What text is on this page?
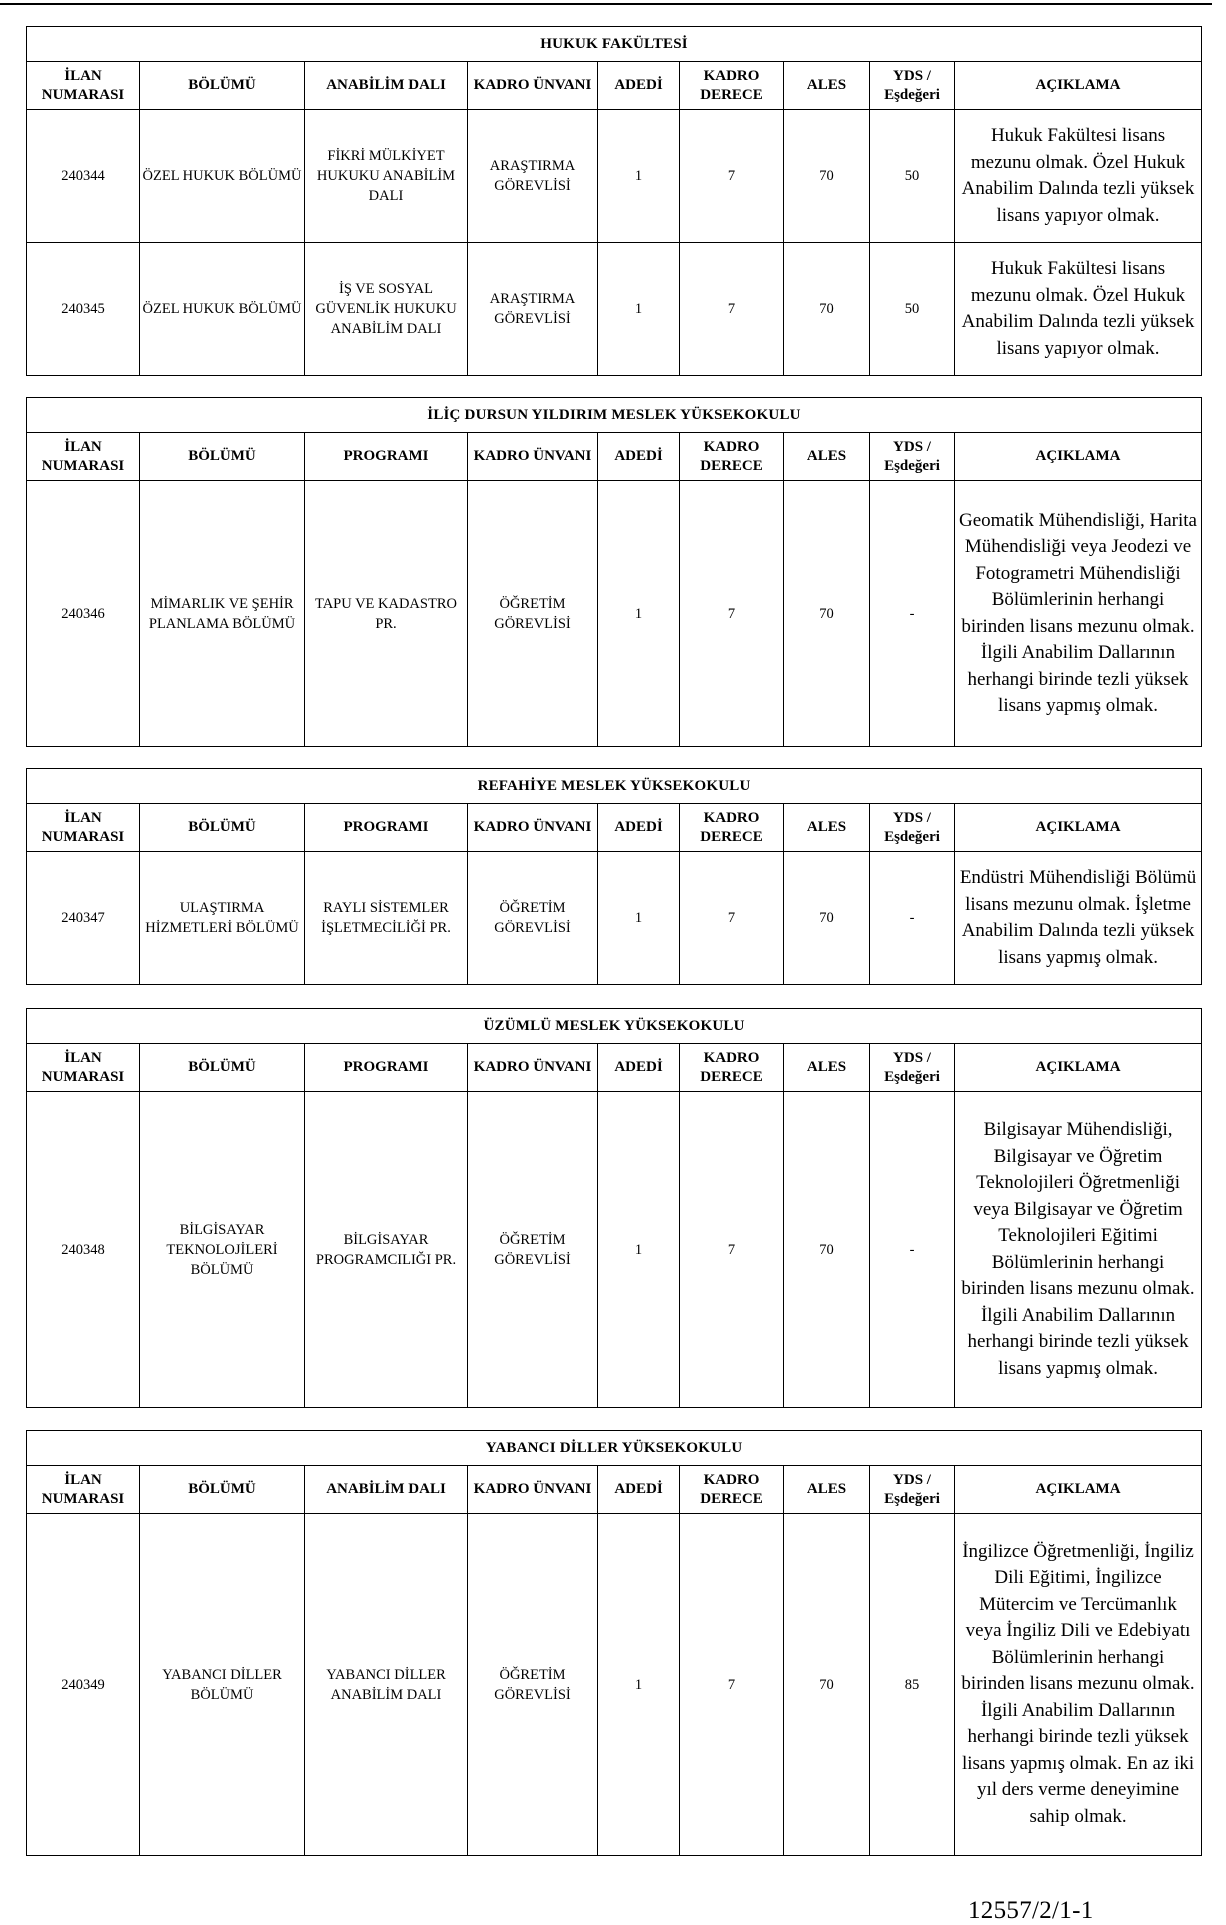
HUKUK FAKÜLTESİ								
İLAN NUMARASI	BÖLÜMÜ	ANABİLİM DALI	KADRO ÜNVANI	ADEDİ	KADRO DERECE	ALES	YDS / Eşdeğeri	AÇIKLAMA
240344	ÖZEL HUKUK BÖLÜMÜ	FİKRİ MÜLKİYET HUKUKU ANABİLİM DALI	ARAŞTIRMA GÖREVLİSİ	1	7	70	50	Hukuk Fakültesi lisans mezunu olmak. Özel Hukuk Anabilim Dalında tezli yüksek lisans yapıyor olmak.
240345	ÖZEL HUKUK BÖLÜMÜ	İŞ VE SOSYAL GÜVENLİK HUKUKU ANABİLİM DALI	ARAŞTIRMA GÖREVLİSİ	1	7	70	50	Hukuk Fakültesi lisans mezunu olmak. Özel Hukuk Anabilim Dalında tezli yüksek lisans yapıyor olmak.
İLİÇ DURSUN YILDIRIM MESLEK YÜKSEKOKULU								
İLAN NUMARASI	BÖLÜMÜ	PROGRAMI	KADRO ÜNVANI	ADEDİ	KADRO DERECE	ALES	YDS / Eşdeğeri	AÇIKLAMA
240346	MİMARLIK VE ŞEHİR PLANLAMA BÖLÜMÜ	TAPU VE KADASTRO PR.	ÖĞRETİM GÖREVLİSİ	1	7	70	-	Geomatik Mühendisliği, Harita Mühendisliği veya Jeodezi ve Fotogrametri Mühendisliği Bölümlerinin herhangi birinden lisans mezunu olmak. İlgili Anabilim Dallarının herhangi birinde tezli yüksek lisans yapmış olmak.
REFAHİYE MESLEK YÜKSEKOKULU								
İLAN NUMARASI	BÖLÜMÜ	PROGRAMI	KADRO ÜNVANI	ADEDİ	KADRO DERECE	ALES	YDS / Eşdeğeri	AÇIKLAMA
240347	ULAŞTIRMA HİZMETLERİ BÖLÜMÜ	RAYLI SİSTEMLER İŞLETMECİLİĞİ PR.	ÖĞRETİM GÖREVLİSİ	1	7	70	-	Endüstri Mühendisliği Bölümü lisans mezunu olmak. İşletme Anabilim Dalında tezli yüksek lisans yapmış olmak.
ÜZÜMLÜ MESLEK YÜKSEKOKULU								
İLAN NUMARASI	BÖLÜMÜ	PROGRAMI	KADRO ÜNVANI	ADEDİ	KADRO DERECE	ALES	YDS / Eşdeğeri	AÇIKLAMA
240348	BİLGİSAYAR TEKNOLOJİLERİ BÖLÜMÜ	BİLGİSAYAR PROGRAMCILIĞI PR.	ÖĞRETİM GÖREVLİSİ	1	7	70	-	Bilgisayar Mühendisliği, Bilgisayar ve Öğretim Teknolojileri Öğretmenliği veya Bilgisayar ve Öğretim Teknolojileri Eğitimi Bölümlerinin herhangi birinden lisans mezunu olmak. İlgili Anabilim Dallarının herhangi birinde tezli yüksek lisans yapmış olmak.
YABANCI DİLLER YÜKSEKOKULU								
İLAN NUMARASI	BÖLÜMÜ	ANABİLİM DALI	KADRO ÜNVANI	ADEDİ	KADRO DERECE	ALES	YDS / Eşdeğeri	AÇIKLAMA
240349	YABANCI DİLLER BÖLÜMÜ	YABANCI DİLLER ANABİLİM DALI	ÖĞRETİM GÖREVLİSİ	1	7	70	85	İngilizce Öğretmenliği, İngiliz Dili Eğitimi, İngilizce Mütercim ve Tercümanlık veya İngiliz Dili ve Edebiyatı Bölümlerinin herhangi birinden lisans mezunu olmak. İlgili Anabilim Dallarının herhangi birinde tezli yüksek lisans yapmış olmak. En az iki yıl ders verme deneyimine sahip olmak.
12557/2/1-1
